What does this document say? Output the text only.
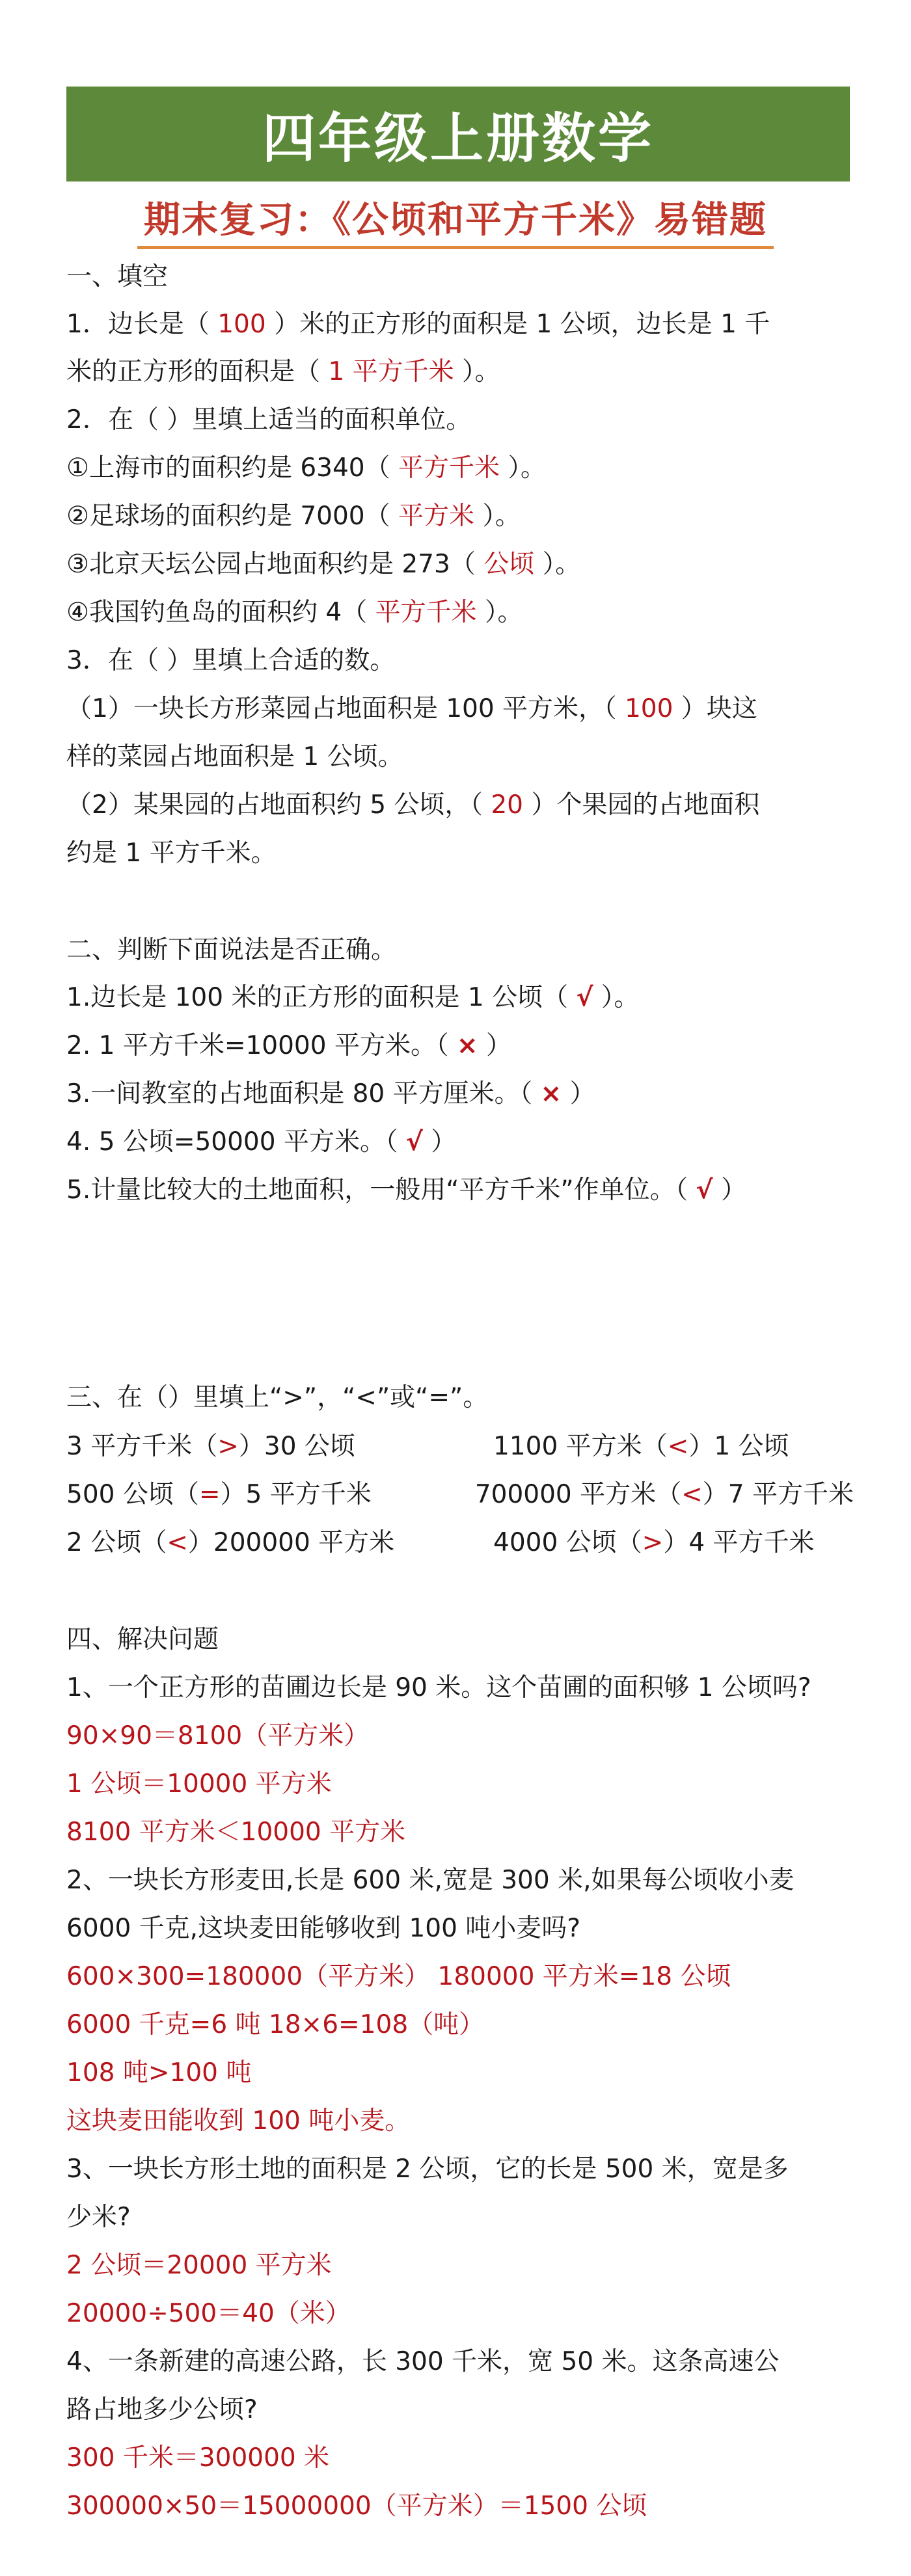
四年级上册数学
期末复习：《公顷和平方千米》易错题
一、填空
1．边长是（ 100 ）米的正方形的面积是 1 公顷，边长是 1 千
米的正方形的面积是（ 1 平方千米 ）。
2．在（ ）里填上适当的面积单位。
①上海市的面积约是 6340（ 平方千米 ）。
②足球场的面积约是 7000（ 平方米 ）。
③北京天坛公园占地面积约是 273（ 公顷 ）。
④我国钓鱼岛的面积约 4（ 平方千米 ）。
3．在（ ）里填上合适的数。
（1）一块长方形菜园占地面积是 100 平方米，（ 100 ）块这
样的菜园占地面积是 1 公顷。
（2）某果园的占地面积约 5 公顷，（ 20 ）个果园的占地面积
约是 1 平方千米。
二、判断下面说法是否正确。
1.边长是 100 米的正方形的面积是 1 公顷（ √ ）。
2. 1 平方千米=10000 平方米。（ × ）
3.一间教室的占地面积是 80 平方厘米。（ × ）
4. 5 公顷=50000 平方米。（ √ ）
5.计量比较大的土地面积，一般用“平方千米”作单位。（ √ ）
三、在（）里填上“>”，“<”或“=”。
3 平方千米（>）30 公顷	1100 平方米（<）1 公顷
500 公顷（=）5 平方千米	700000 平方米（<）7 平方千米
2 公顷（<）200000 平方米	4000 公顷（>）4 平方千米
四、解决问题
1、一个正方形的苗圃边长是 90 米。这个苗圃的面积够 1 公顷吗?
90×90＝8100（平方米）
1 公顷＝10000 平方米
8100 平方米＜10000 平方米
2、一块长方形麦田,长是 600 米,宽是 300 米,如果每公顷收小麦
6000 千克,这块麦田能够收到 100 吨小麦吗?
600×300=180000（平方米） 180000 平方米=18 公顷
6000 千克=6 吨 18×6=108（吨）
108 吨>100 吨
这块麦田能收到 100 吨小麦。
3、一块长方形土地的面积是 2 公顷，它的长是 500 米，宽是多
少米?
2 公顷＝20000 平方米
20000÷500＝40（米）
4、一条新建的高速公路，长 300 千米，宽 50 米。这条高速公
路占地多少公顷?
300 千米＝300000 米
300000×50＝15000000（平方米）＝1500 公顷
